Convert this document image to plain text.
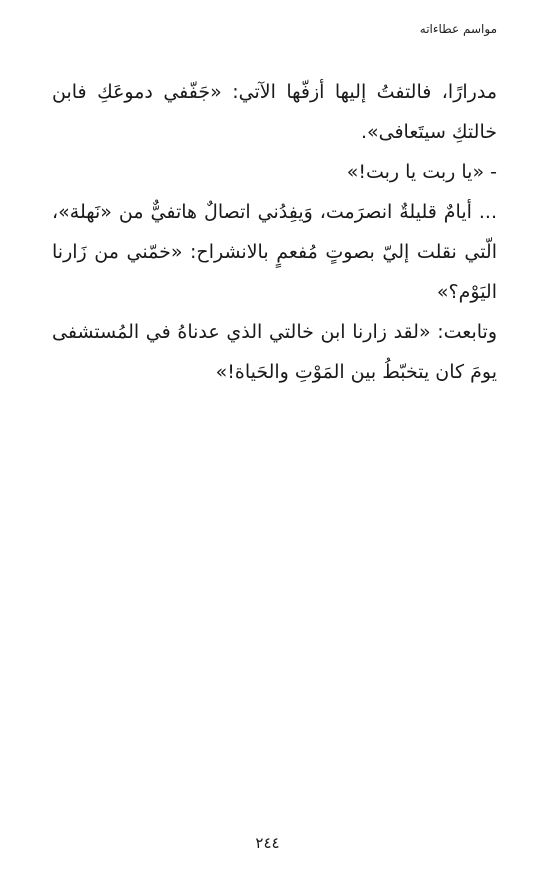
مواسم عطاءاته

مدرارًا، فالتفتُ إليها أزفّها الآتي: «جَفّفي دموعَكِ فابن خالتكِ سيتَعافى».

- «يا ربت يا ربت!»

... أيامٌ قليلةٌ انصرَمت، وَيفِدُني اتصالٌ هاتفيٌّ من «نَهلة»، الّتي نقلت إليّ بصوتٍ مُفعمٍ بالانشراح: «خمّني من زَارنا اليَوْم؟»

وتابعت: «لقد زارنا ابن خالتي الذي عدناهُ في المُستشفى يومَ كان يتخبّطُ بين المَوْتِ والحَياة!»

٢٤٤
